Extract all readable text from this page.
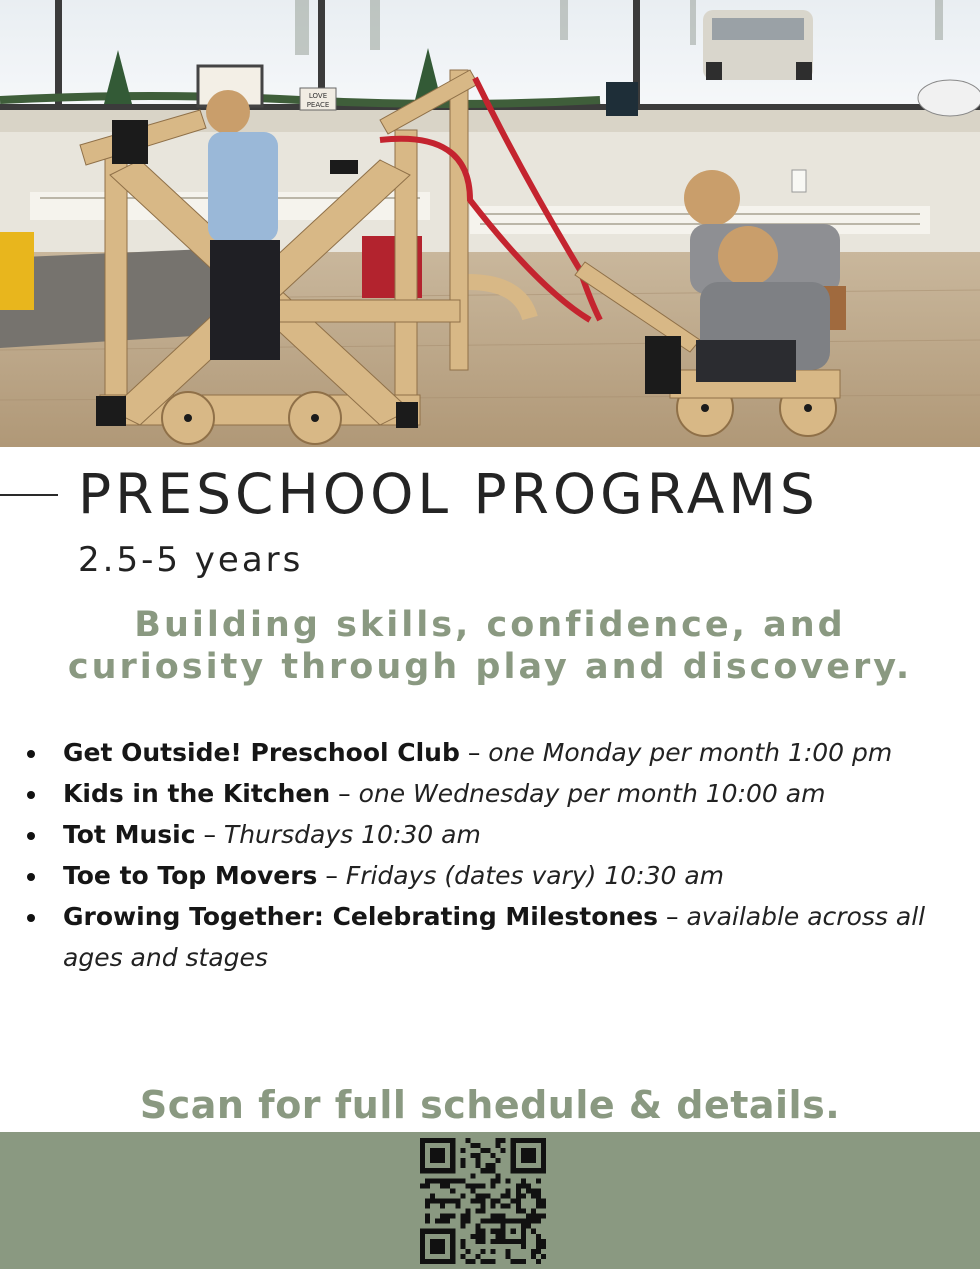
LOVE
PEACE
PRESCHOOL PROGRAMS
2.5-5 years
Building skills, confidence, and
curiosity through play and discovery.
Get Outside! Preschool Club – one Monday per month 1:00 pm
Kids in the Kitchen – one Wednesday per month 10:00 am
Tot Music – Thursdays 10:30 am
Toe to Top Movers – Fridays (dates vary) 10:30 am
Growing Together: Celebrating Milestones – available across all ages and stages
Scan for full schedule & details.
